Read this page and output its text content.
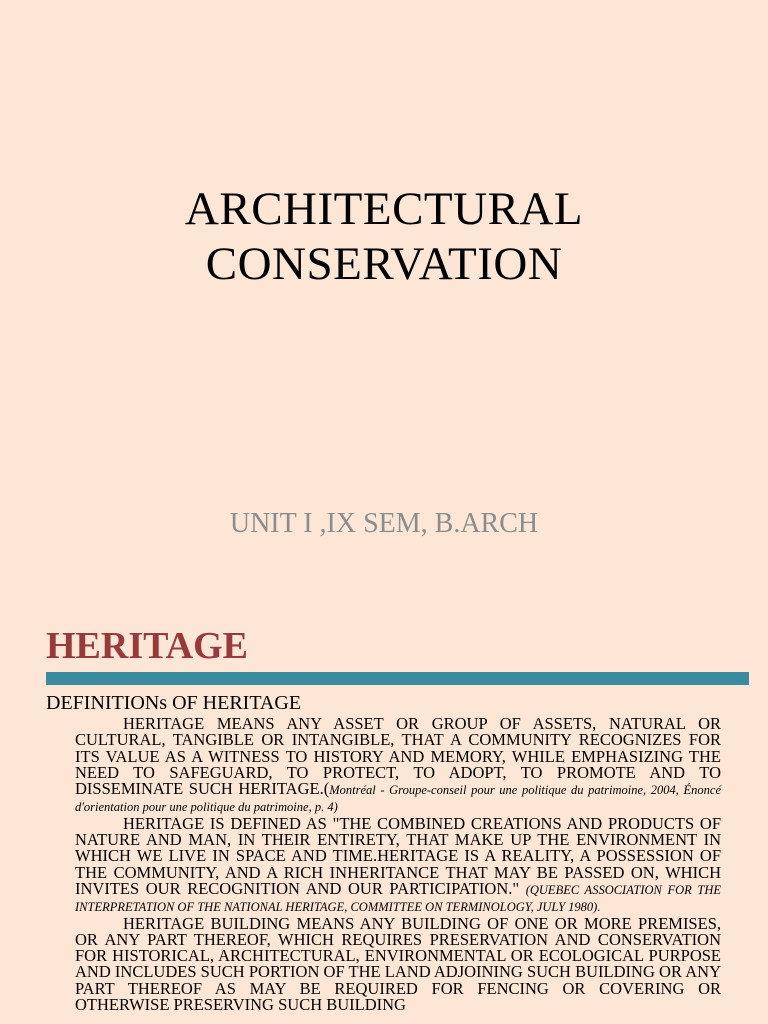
ARCHITECTURAL
CONSERVATION
UNIT I ,IX SEM, B.ARCH
HERITAGE
DEFINITIONs OF HERITAGE

HERITAGE MEANS ANY ASSET OR GROUP OF ASSETS, NATURAL OR CULTURAL, TANGIBLE OR INTANGIBLE, THAT A COMMUNITY RECOGNIZES FOR ITS VALUE AS A WITNESS TO HISTORY AND MEMORY, WHILE EMPHASIZING THE NEED TO SAFEGUARD, TO PROTECT, TO ADOPT, TO PROMOTE AND TO DISSEMINATE SUCH HERITAGE.(Montréal - Groupe-conseil pour une politique du patrimoine, 2004, Énoncé d'orientation pour une politique du patrimoine, p. 4)

HERITAGE IS DEFINED AS "THE COMBINED CREATIONS AND PRODUCTS OF NATURE AND MAN, IN THEIR ENTIRETY, THAT MAKE UP THE ENVIRONMENT IN WHICH WE LIVE IN SPACE AND TIME.HERITAGE IS A REALITY, A POSSESSION OF THE COMMUNITY, AND A RICH INHERITANCE THAT MAY BE PASSED ON, WHICH INVITES OUR RECOGNITION AND OUR PARTICIPATION." (QUEBEC ASSOCIATION FOR THE INTERPRETATION OF THE NATIONAL HERITAGE, COMMITTEE ON TERMINOLOGY, JULY 1980).

HERITAGE BUILDING MEANS ANY BUILDING OF ONE OR MORE PREMISES, OR ANY PART THEREOF, WHICH REQUIRES PRESERVATION AND CONSERVATION FOR HISTORICAL, ARCHITECTURAL, ENVIRONMENTAL OR ECOLOGICAL PURPOSE AND INCLUDES SUCH PORTION OF THE LAND ADJOINING SUCH BUILDING OR ANY PART THEREOF AS MAY BE REQUIRED FOR FENCING OR COVERING OR OTHERWISE PRESERVING SUCH BUILDING
